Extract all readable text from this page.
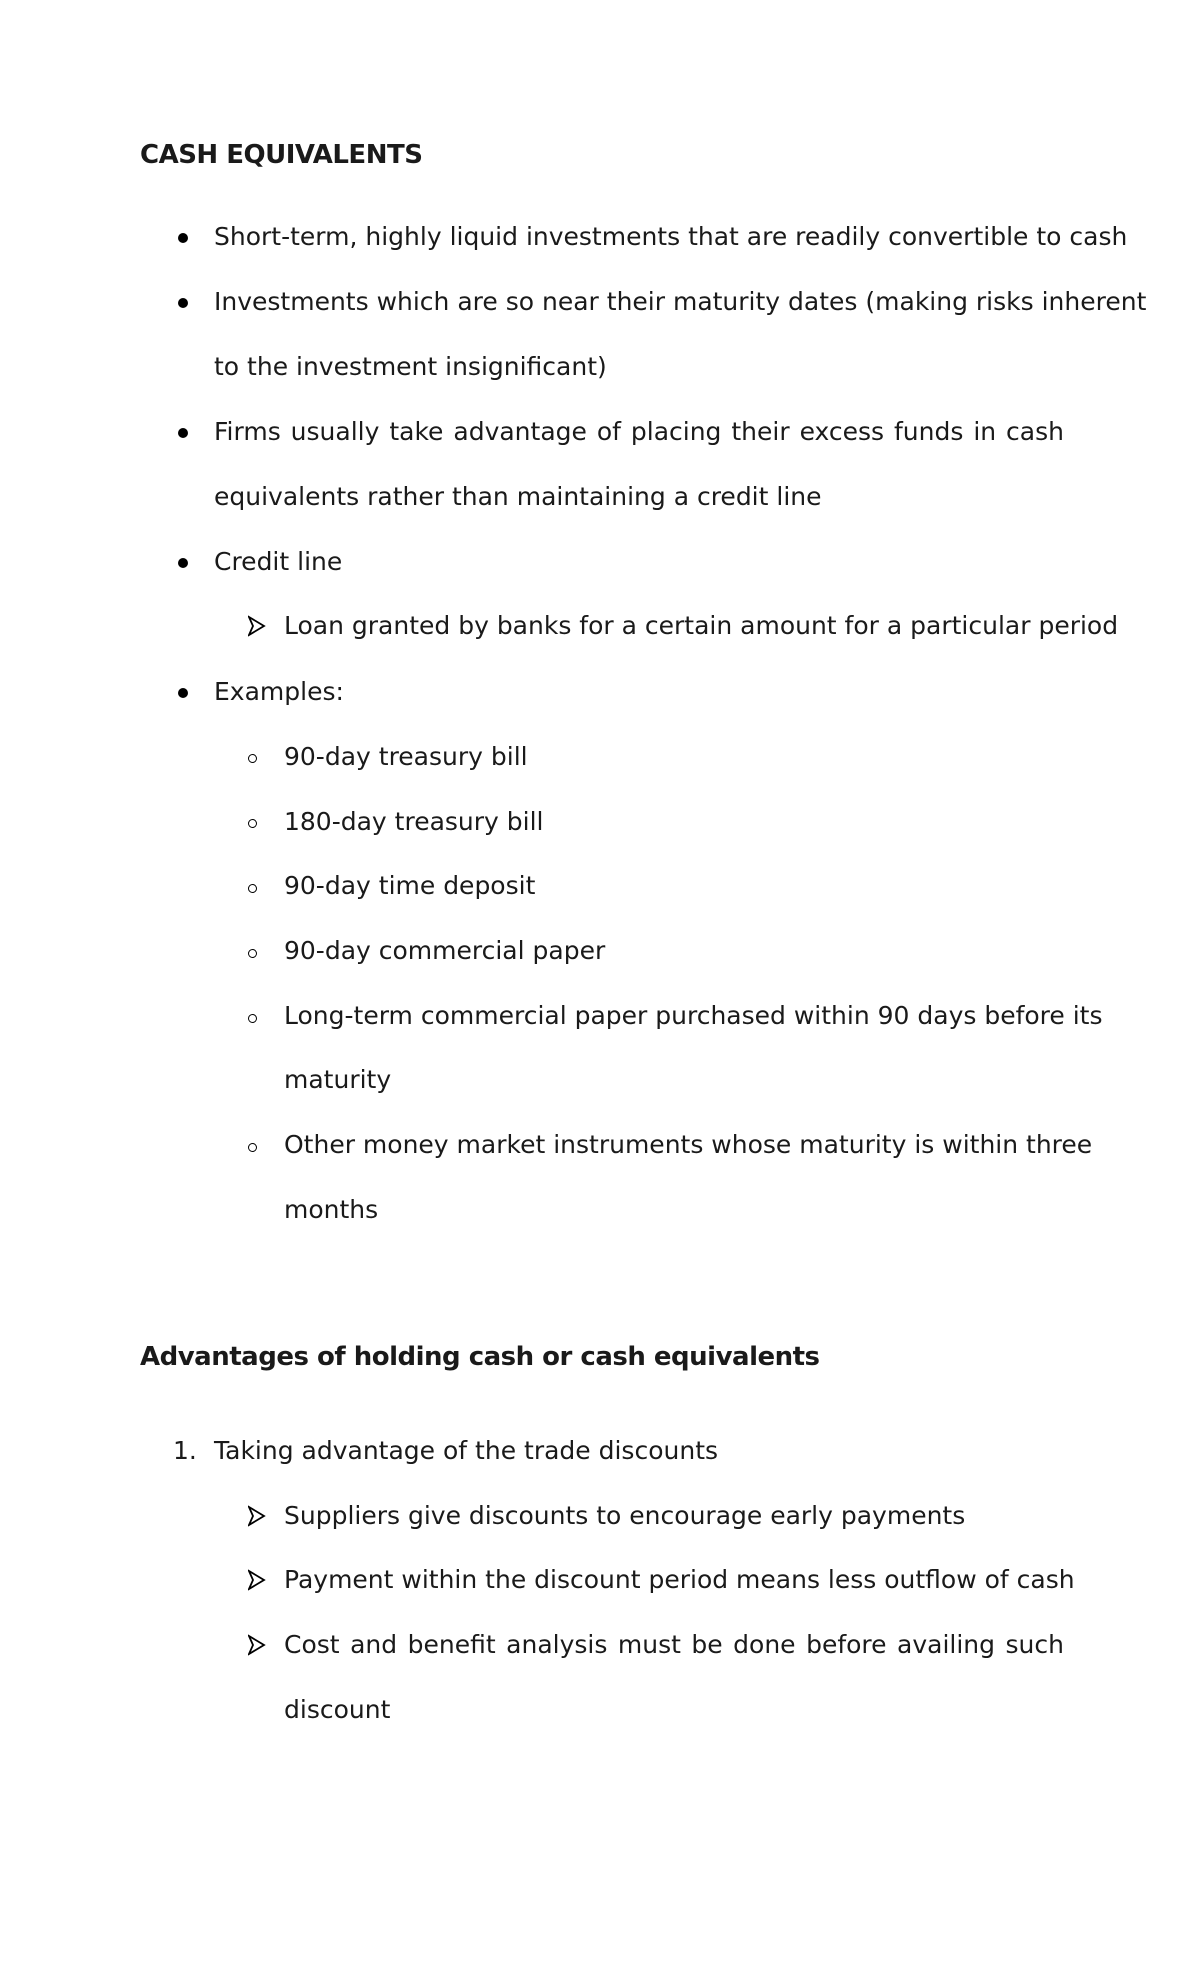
CASH EQUIVALENTS
Short-term, highly liquid investments that are readily convertible to cash
Investments which are so near their maturity dates (making risks inherent
to the investment insignificant)
Firms usually take advantage of placing their excess funds in cash
equivalents rather than maintaining a credit line
Credit line
Loan granted by banks for a certain amount for a particular period
Examples:
90-day treasury bill
180-day treasury bill
90-day time deposit
90-day commercial paper
Long-term commercial paper purchased within 90 days before its
maturity
Other money market instruments whose maturity is within three
months
Advantages of holding cash or cash equivalents
1. Taking advantage of the trade discounts
Suppliers give discounts to encourage early payments
Payment within the discount period means less outflow of cash
Cost and benefit analysis must be done before availing such
discount
